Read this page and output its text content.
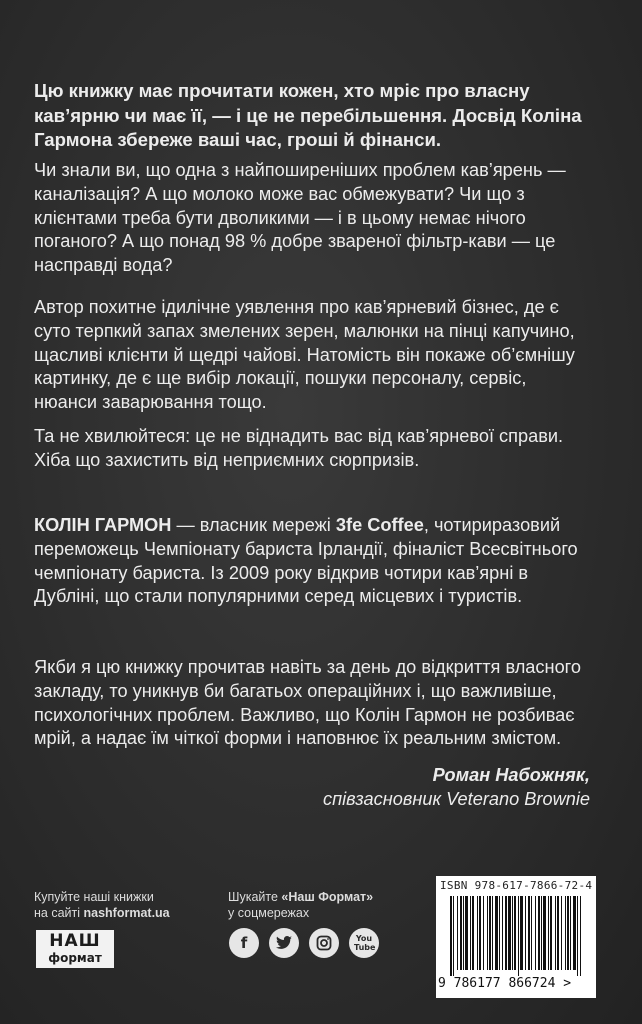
Цю книжку має прочитати кожен, хто мріє про власну кав’ярню чи має її, — і це не перебільшення. Досвід Коліна Гармона збереже ваші час, гроші й фінанси.

Чи знали ви, що одна з найпоширеніших проблем кав’ярень — каналізація? А що молоко може вас обмежувати? Чи що з клієнтами треба бути дволикими — і в цьому немає нічого поганого? А що понад 98 % добре звареної фільтр-кави — це насправді вода?

Автор похитне ідилічне уявлення про кав’ярневий бізнес, де є суто терпкий запах змелених зерен, малюнки на пінці капучино, щасливі клієнти й щедрі чайові. Натомість він покаже об’ємнішу картинку, де є ще вибір локації, пошуки персоналу, сервіс, нюанси заварювання тощо.

Та не хвилюйтеся: це не віднадить вас від кав’ярневої справи. Хіба що захистить від неприємних сюрпризів.

КОЛІН ГАРМОН — власник мережі 3fe Coffee, чотириразовий переможець Чемпіонату бариста Ірландії, фіналіст Всесвітнього чемпіонату бариста. Із 2009 року відкрив чотири кав’ярні в Дубліні, що стали популярними серед місцевих і туристів.

Якби я цю книжку прочитав навіть за день до відкриття власного закладу, то уникнув би багатьох операційних і, що важливіше, психологічних проблем. Важливо, що Колін Гармон не розбиває мрій, а надає їм чіткої форми і наповнює їх реальним змістом.

Роман Набожняк,
співзасновник Veterano Brownie
Купуйте наші книжки
на сайті nashformat.ua
Шукайте «Наш Формат»
у соцмережах
НАШ
формат
f	You Tube
ISBN 978-617-7866-72-4
9 786177 866724 >
